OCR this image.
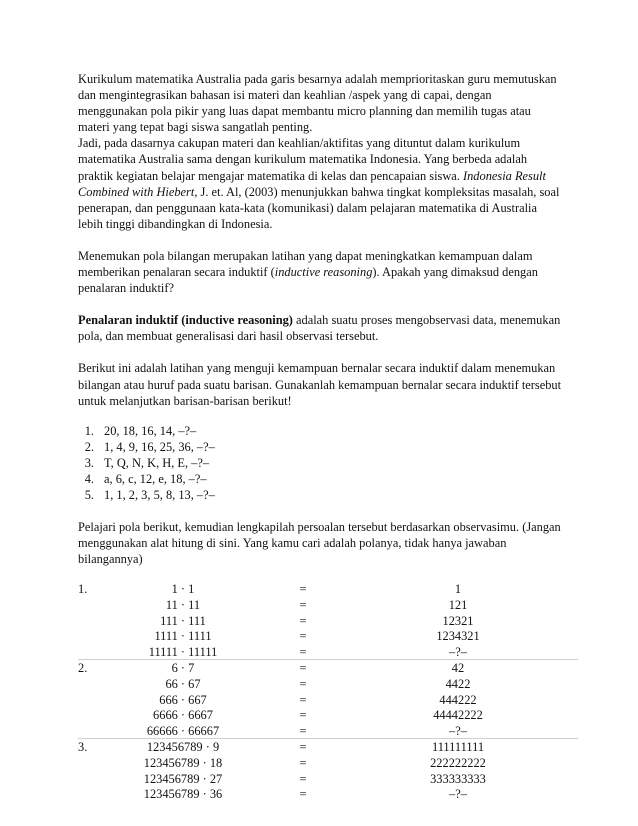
Kurikulum matematika Australia pada garis besarnya adalah memprioritaskan guru memutuskan
dan mengintegrasikan bahasan isi materi dan keahlian /aspek yang di capai, dengan
menggunakan pola pikir yang luas dapat membantu micro planning dan memilih tugas atau
materi yang tepat bagi siswa sangatlah penting.
Jadi, pada dasarnya cakupan materi dan keahlian/aktifitas yang dituntut dalam kurikulum
matematika Australia sama dengan kurikulum matematika Indonesia. Yang berbeda adalah
praktik kegiatan belajar mengajar matematika di kelas dan pencapaian siswa. Indonesia Result
Combined with Hiebert, J. et. Al, (2003) menunjukkan bahwa tingkat kompleksitas masalah, soal
penerapan, dan penggunaan kata-kata (komunikasi) dalam pelajaran matematika di Australia
lebih tinggi dibandingkan di Indonesia.

Menemukan pola bilangan merupakan latihan yang dapat meningkatkan kemampuan dalam
memberikan penalaran secara induktif (inductive reasoning). Apakah yang dimaksud dengan
penalaran induktif?

Penalaran induktif (inductive reasoning) adalah suatu proses mengobservasi data, menemukan
pola, dan membuat generalisasi dari hasil observasi tersebut.

Berikut ini adalah latihan yang menguji kemampuan bernalar secara induktif dalam menemukan
bilangan atau huruf pada suatu barisan. Gunakanlah kemampuan bernalar secara induktif tersebut
untuk melanjutkan barisan-barisan berikut!

1. 20, 18, 16, 14, –?–
2. 1, 4, 9, 16, 25, 36, –?–
3. T, Q, N, K, H, E, –?–
4. a, 6, c, 12, e, 18, –?–
5. 1, 1, 2, 3, 5, 8, 13, –?–

Pelajari pola berikut, kemudian lengkapilah persoalan tersebut berdasarkan observasimu. (Jangan
menggunakan alat hitung di sini. Yang kamu cari adalah polanya, tidak hanya jawaban
bilangannya)

1.	1 · 1	=	1
11 · 11	=	121
111 · 111	=	12321
1111 · 1111	=	1234321
11111 · 11111	=	–?–
2.	6 · 7	=	42
66 · 67	=	4422
666 · 667	=	444222
6666 · 6667	=	44442222
66666 · 66667	=	–?–
3.	123456789 · 9	=	111111111
123456789 · 18	=	222222222
123456789 · 27	=	333333333
123456789 · 36	=	–?–
